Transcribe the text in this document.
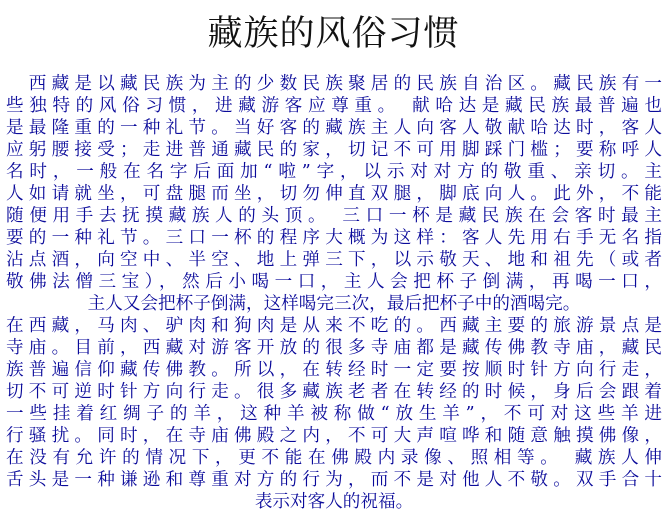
藏族的风俗习惯
　西藏是以藏民族为主的少数民族聚居的民族自治区。藏民族有一
些独特的风俗习惯，进藏游客应尊重。 献哈达是藏民族最普遍也
是最隆重的一种礼节。当好客的藏族主人向客人敬献哈达时，客人
应躬腰接受；走进普通藏民的家，切记不可用脚踩门槛；要称呼人
名时，一般在名字后面加“啦”字，以示对对方的敬重、亲切。主
人如请就坐，可盘腿而坐，切勿伸直双腿，脚底向人。此外，不能
随便用手去抚摸藏族人的头顶。 三口一杯是藏民族在会客时最主
要的一种礼节。三口一杯的程序大概为这样：客人先用右手无名指
沾点酒，向空中、半空、地上弹三下，以示敬天、地和祖先（或者
敬佛法僧三宝），然后小喝一口，主人会把杯子倒满，再喝一口，
主人又会把杯子倒满，这样喝完三次，最后把杯子中的酒喝完。
在西藏，马肉、驴肉和狗肉是从来不吃的。西藏主要的旅游景点是
寺庙。目前，西藏对游客开放的很多寺庙都是藏传佛教寺庙，藏民
族普遍信仰藏传佛教。所以，在转经时一定要按顺时针方向行走，
切不可逆时针方向行走。很多藏族老者在转经的时候，身后会跟着
一些挂着红绸子的羊，这种羊被称做“放生羊”，不可对这些羊进
行骚扰。同时，在寺庙佛殿之内，不可大声喧哗和随意触摸佛像，
在没有允许的情况下，更不能在佛殿内录像、照相等。 藏族人伸
舌头是一种谦逊和尊重对方的行为，而不是对他人不敬。双手合十
表示对客人的祝福。
